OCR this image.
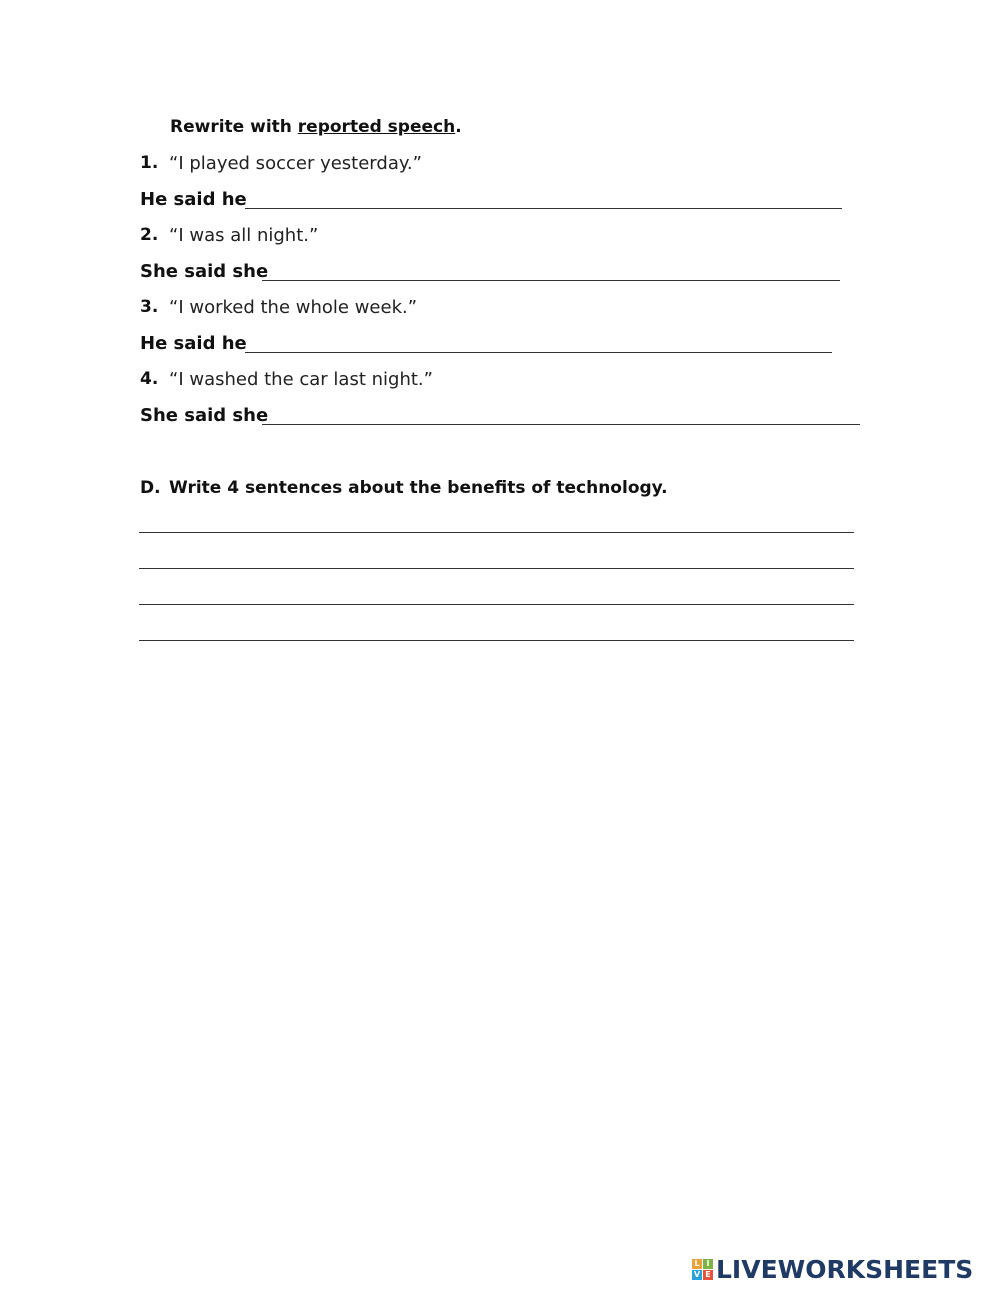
Rewrite with reported speech.
1. “I played soccer yesterday.”
He said he
2. “I was all night.”
She said she
3. “I worked the whole week.”
He said he
4. “I washed the car last night.”
She said she
D. Write 4 sentences about the benefits of technology.
L I
V E LIVEWORKSHEETS
